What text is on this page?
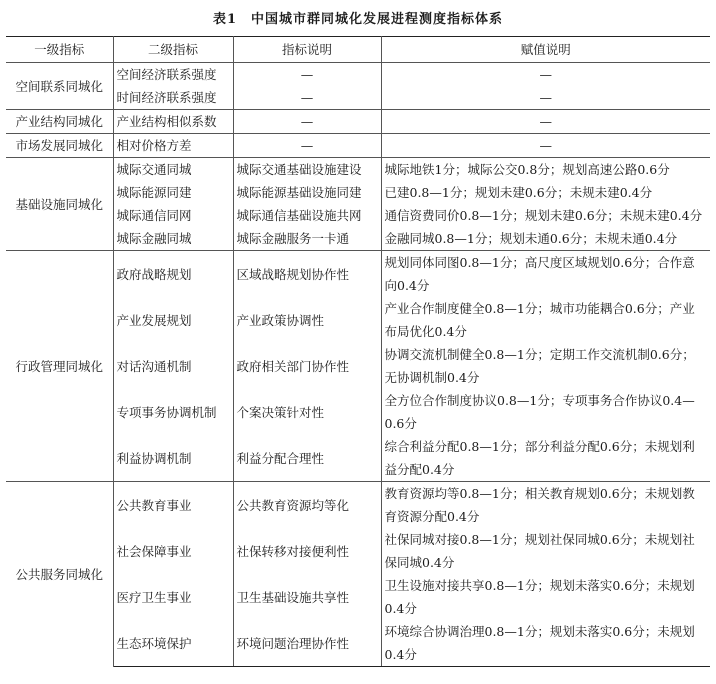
表1　中国城市群同城化发展进程测度指标体系
一级指标	二级指标	指标说明	赋值说明
空间联系同城化	空间经济联系强度	—	—
	时间经济联系强度	—	—
产业结构同城化	产业结构相似系数	—	—
市场发展同城化	相对价格方差	—	—
基础设施同城化	城际交通同城	城际交通基础设施建设	城际地铁1分；城际公交0.8分；规划高速公路0.6分
	城际能源同建	城际能源基础设施同建	已建0.8—1分；规划未建0.6分；未规未建0.4分
	城际通信同网	城际通信基础设施共网	通信资费同价0.8—1分；规划未建0.6分；未规未建0.4分
	城际金融同城	城际金融服务一卡通	金融同城0.8—1分；规划未通0.6分；未规未通0.4分
行政管理同城化	政府战略规划	区域战略规划协作性	规划同体同图0.8—1分；高尺度区域规划0.6分；合作意向0.4分

	产业发展规划	产业政策协调性	产业合作制度健全0.8—1分；城市功能耦合0.6分；产业布局优化0.4分

	对话沟通机制	政府相关部门协作性	协调交流机制健全0.8—1分；定期工作交流机制0.6分；无协调机制0.4分

	专项事务协调机制	个案决策针对性	全方位合作制度协议0.8—1分；专项事务合作协议0.4—0.6分

	利益协调机制	利益分配合理性	综合利益分配0.8—1分；部分利益分配0.6分；未规划利益分配0.4分

公共服务同城化	公共教育事业	公共教育资源均等化	教育资源均等0.8—1分；相关教育规划0.6分；未规划教育资源分配0.4分

	社会保障事业	社保转移对接便利性	社保同城对接0.8—1分；规划社保同城0.6分；未规划社保同城0.4分

	医疗卫生事业	卫生基础设施共享性	卫生设施对接共享0.8—1分；规划未落实0.6分；未规划0.4分

	生态环境保护	环境问题治理协作性	环境综合协调治理0.8—1分；规划未落实0.6分；未规划0.4分
